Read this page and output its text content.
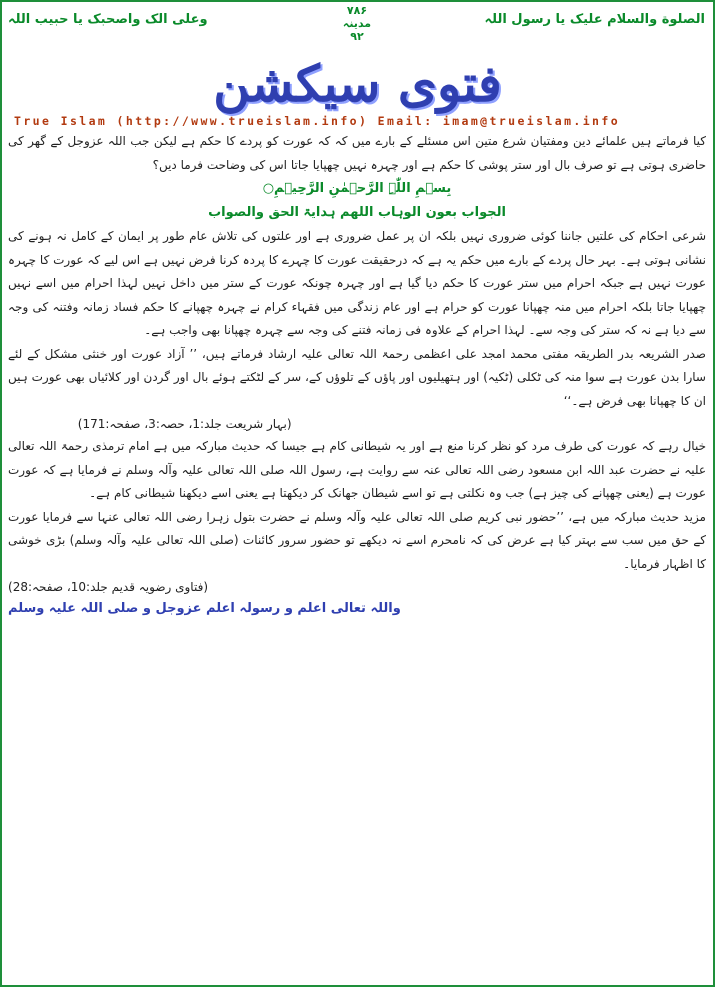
الصلوة والسلام علیک یا رسول اللہ
۷۸۶
مدینہ
۹۲
وعلی الک واصحبک یا حبیب اللہ
فتوی سیکشن
True Islam (http://www.trueislam.info) Email: imam@trueislam.info

کیا فرماتے ہیں علمائے دین ومفتیان شرع متین اس مسئلے کے بارے میں کہ کہ عورت کو پردے کا حکم ہے لیکن جب اللہ عزوجل کے گھر کی حاضری ہوتی ہے تو صرف بال اور ستر پوشی کا حکم ہے اور چہرہ نہیں چھپایا جاتا اس کی وضاحت فرما دیں؟

بِسۡمِ اللّٰہِ الرَّحۡمٰنِ الرَّحِیۡمِ○

الجواب بعون الوہاب اللھم ہدایۃ الحق والصواب

شرعی احکام کی علتیں جاننا کوئی ضروری نہیں بلکہ ان پر عمل ضروری ہے اور علتوں کی تلاش عام طور پر ایمان کے کامل نہ ہونے کی نشانی ہوتی ہے۔ بہر حال پردے کے بارے میں حکم یہ ہے کہ درحقیقت عورت کا چہرے کا پردہ کرنا فرض نہیں ہے اس لیے کہ عورت کا چہرہ عورت نہیں ہے جبکہ احرام میں ستر عورت کا حکم دیا گیا ہے اور چہرہ چونکہ عورت کے ستر میں داخل نہیں لہذا احرام میں اسے نہیں چھپایا جاتا بلکہ احرام میں منہ چھپانا عورت کو حرام ہے اور عام زندگی میں فقہاء کرام نے چہرہ چھپانے کا حکم فساد زمانہ وفتنہ کی وجہ سے دیا ہے نہ کہ ستر کی وجہ سے۔ لہذا احرام کے علاوہ فی زمانہ فتنے کی وجہ سے چہرہ چھپانا بھی واجب ہے۔

صدر الشریعہ بدر الطریقہ مفتی محمد امجد علی اعظمی رحمۃ اللہ تعالی علیہ ارشاد فرماتے ہیں، ’’ آزاد عورت اور خنثی مشکل کے لئے سارا بدن عورت ہے سوا منہ کی ٹکلی (ٹکیہ) اور ہتھیلیوں اور پاؤں کے تلوؤں کے، سر کے لٹکتے ہوئے بال اور گردن اور کلائیاں بھی عورت ہیں ان کا چھپانا بھی فرض ہے۔‘‘

(بہار شریعت جلد:1، حصہ:3، صفحہ:171)

خیال رہے کہ عورت کی طرف مرد کو نظر کرنا منع ہے اور یہ شیطانی کام ہے جیسا کہ حدیث مبارکہ میں ہے امام ترمذی رحمۃ اللہ تعالی علیہ نے حضرت عبد اللہ ابن مسعود رضی اللہ تعالی عنہ سے روایت ہے، رسول اللہ صلی اللہ تعالی علیہ وآلہ وسلم نے فرمایا ہے کہ عورت عورت ہے (یعنی چھپانے کی چیز ہے) جب وہ نکلتی ہے تو اسے شیطان جھانک کر دیکھتا ہے یعنی اسے دیکھنا شیطانی کام ہے۔

مزید حدیث مبارکہ میں ہے، ’’حضور نبی کریم صلی اللہ تعالی علیہ وآلہ وسلم نے حضرت بتول زہرا رضی اللہ تعالی عنہا سے فرمایا عورت کے حق میں سب سے بہتر کیا ہے عرض کی کہ نامحرم اسے نہ دیکھے تو حضور سرور کائنات (صلی اللہ تعالی علیہ وآلہ وسلم) بڑی خوشی کا اظہار فرمایا۔

(فتاوی رضویہ قدیم جلد:10، صفحہ:28)

واللہ تعالی اعلم و رسولہ اعلم عزوجل و صلی اللہ علیہ وسلم
